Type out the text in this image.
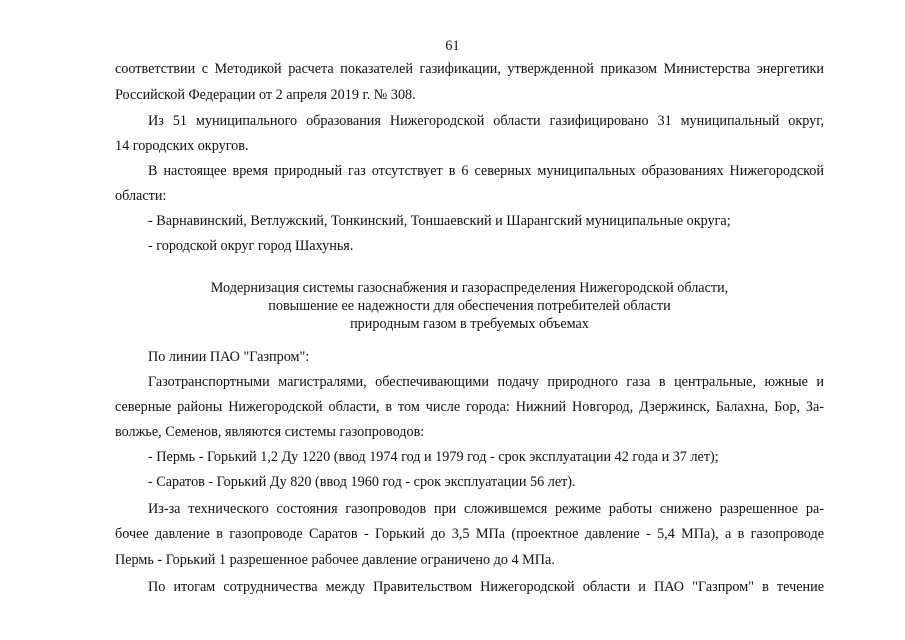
61
соответствии с Методикой расчета показателей газификации, утвержденной приказом Министерства энергетики
Российской Федерации от 2 апреля 2019 г. № 308.
Из 51 муниципального образования Нижегородской области газифицировано 31 муниципальный округ,
14 городских округов.
В настоящее время природный газ отсутствует в 6 северных муниципальных образованиях Нижегородской
области:
- Варнавинский, Ветлужский, Тонкинский, Тоншаевский и Шарангский муниципальные округа;
- городской округ город Шахунья.
Модернизация системы газоснабжения и газораспределения Нижегородской области,
повышение ее надежности для обеспечения потребителей области
природным газом в требуемых объемах
По линии ПАО "Газпром":
Газотранспортными магистралями, обеспечивающими подачу природного газа в центральные, южные и
северные районы Нижегородской области, в том числе города: Нижний Новгород, Дзержинск, Балахна, Бор, За-
волжье, Семенов, являются системы газопроводов:
- Пермь - Горький 1,2 Ду 1220 (ввод 1974 год и 1979 год - срок эксплуатации 42 года и 37 лет);
- Саратов - Горький Ду 820 (ввод 1960 год - срок эксплуатации 56 лет).
Из-за технического состояния газопроводов при сложившемся режиме работы снижено разрешенное ра-
бочее давление в газопроводе Саратов - Горький до 3,5 МПа (проектное давление - 5,4 МПа), а в газопроводе
Пермь - Горький 1 разрешенное рабочее давление ограничено до 4 МПа.
По итогам сотрудничества между Правительством Нижегородской области и ПАО "Газпром" в течение
